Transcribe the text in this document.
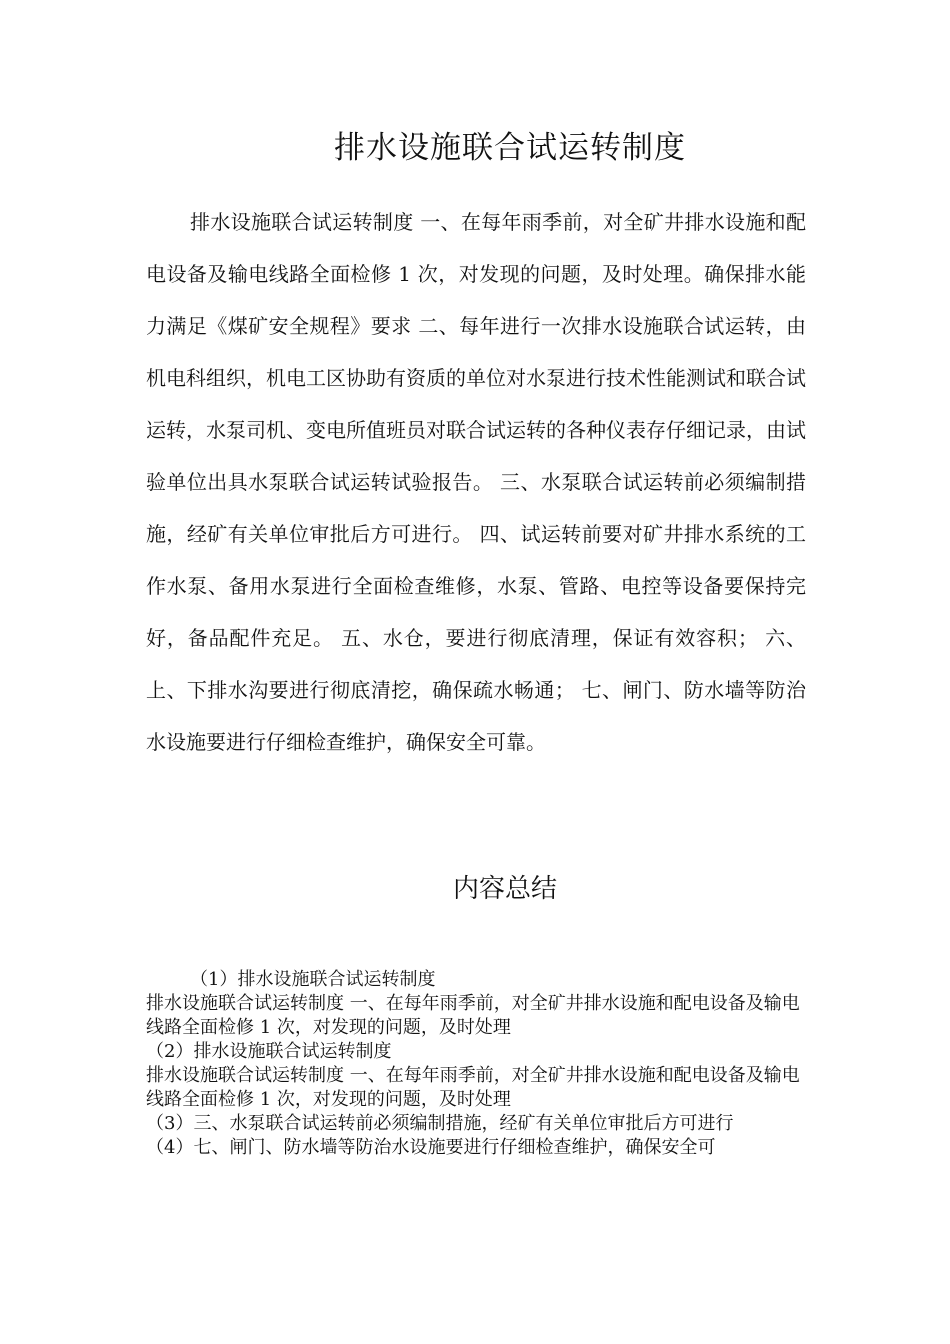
排水设施联合试运转制度

排水设施联合试运转制度 一、在每年雨季前，对全矿井排水设施和配电设备及输电线路全面检修 1 次，对发现的问题，及时处理。确保排水能力满足《煤矿安全规程》要求 二、每年进行一次排水设施联合试运转，由机电科组织，机电工区协助有资质的单位对水泵进行技术性能测试和联合试运转，水泵司机、变电所值班员对联合试运转的各种仪表存仔细记录，由试验单位出具水泵联合试运转试验报告。 三、水泵联合试运转前必须编制措施，经矿有关单位审批后方可进行。 四、试运转前要对矿井排水系统的工作水泵、备用水泵进行全面检查维修，水泵、管路、电控等设备要保持完好，备品配件充足。 五、水仓，要进行彻底清理，保证有效容积； 六、上、下排水沟要进行彻底清挖，确保疏水畅通； 七、闸门、防水墙等防治水设施要进行仔细检查维护，确保安全可靠。

内容总结
（1）排水设施联合试运转制度
排水设施联合试运转制度 一、在每年雨季前，对全矿井排水设施和配电设备及输电线路全面检修 1 次，对发现的问题，及时处理
（2）排水设施联合试运转制度
排水设施联合试运转制度 一、在每年雨季前，对全矿井排水设施和配电设备及输电线路全面检修 1 次，对发现的问题，及时处理
（3）三、水泵联合试运转前必须编制措施，经矿有关单位审批后方可进行
（4）七、闸门、防水墙等防治水设施要进行仔细检查维护，确保安全可
